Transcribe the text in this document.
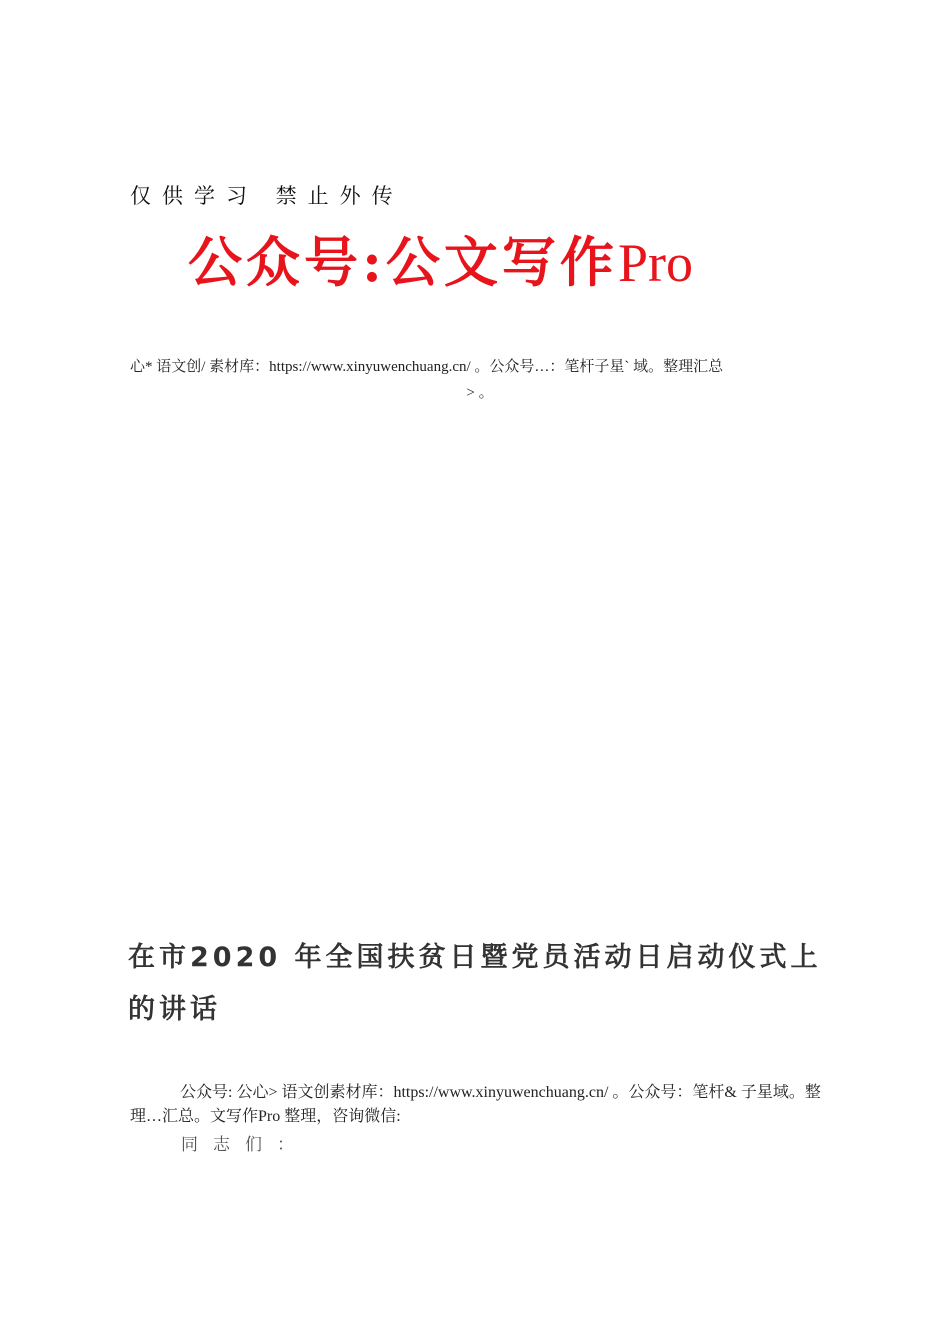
仅供学习 禁止外传
公众号:公文写作Pro
心* 语文创/ 素材库：https://www.xinyuwenchuang.cn/ 。公众号…：笔杆子星` 域。整理汇总
> 。
在市2020 年全国扶贫日暨党员活动日启动仪式上的讲话
公众号: 公心> 语文创素材库：https://www.xinyuwenchuang.cn/ 。公众号：笔杆& 子星域。整理…汇总。文写作Pro 整理，咨询微信:
同志们：
